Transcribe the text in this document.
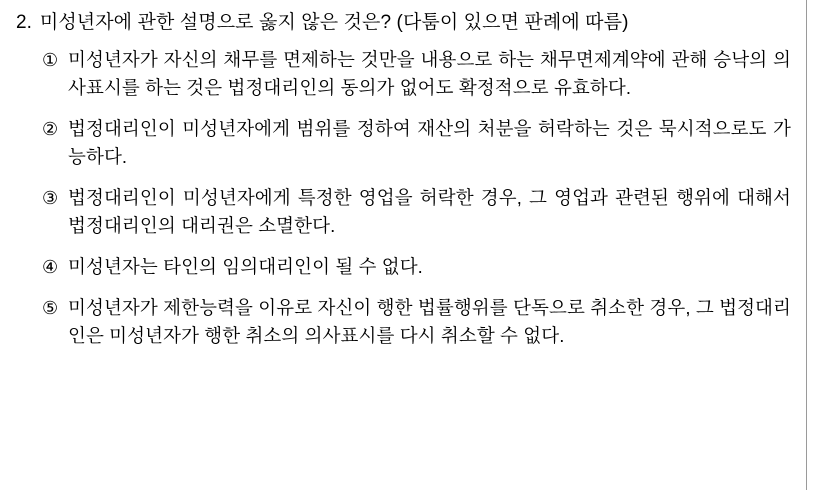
2. 미성년자에 관한 설명으로 옳지 않은 것은? (다툼이 있으면 판례에 따름)
① 미성년자가 자신의 채무를 면제하는 것만을 내용으로 하는 채무면제계약에 관해 승낙의 의사표시를 하는 것은 법정대리인의 동의가 없어도 확정적으로 유효하다.
② 법정대리인이 미성년자에게 범위를 정하여 재산의 처분을 허락하는 것은 묵시적으로도 가능하다.
③ 법정대리인이 미성년자에게 특정한 영업을 허락한 경우, 그 영업과 관련된 행위에 대해서 법정대리인의 대리권은 소멸한다.
④ 미성년자는 타인의 임의대리인이 될 수 없다.
⑤ 미성년자가 제한능력을 이유로 자신이 행한 법률행위를 단독으로 취소한 경우, 그 법정대리인은 미성년자가 행한 취소의 의사표시를 다시 취소할 수 없다.
